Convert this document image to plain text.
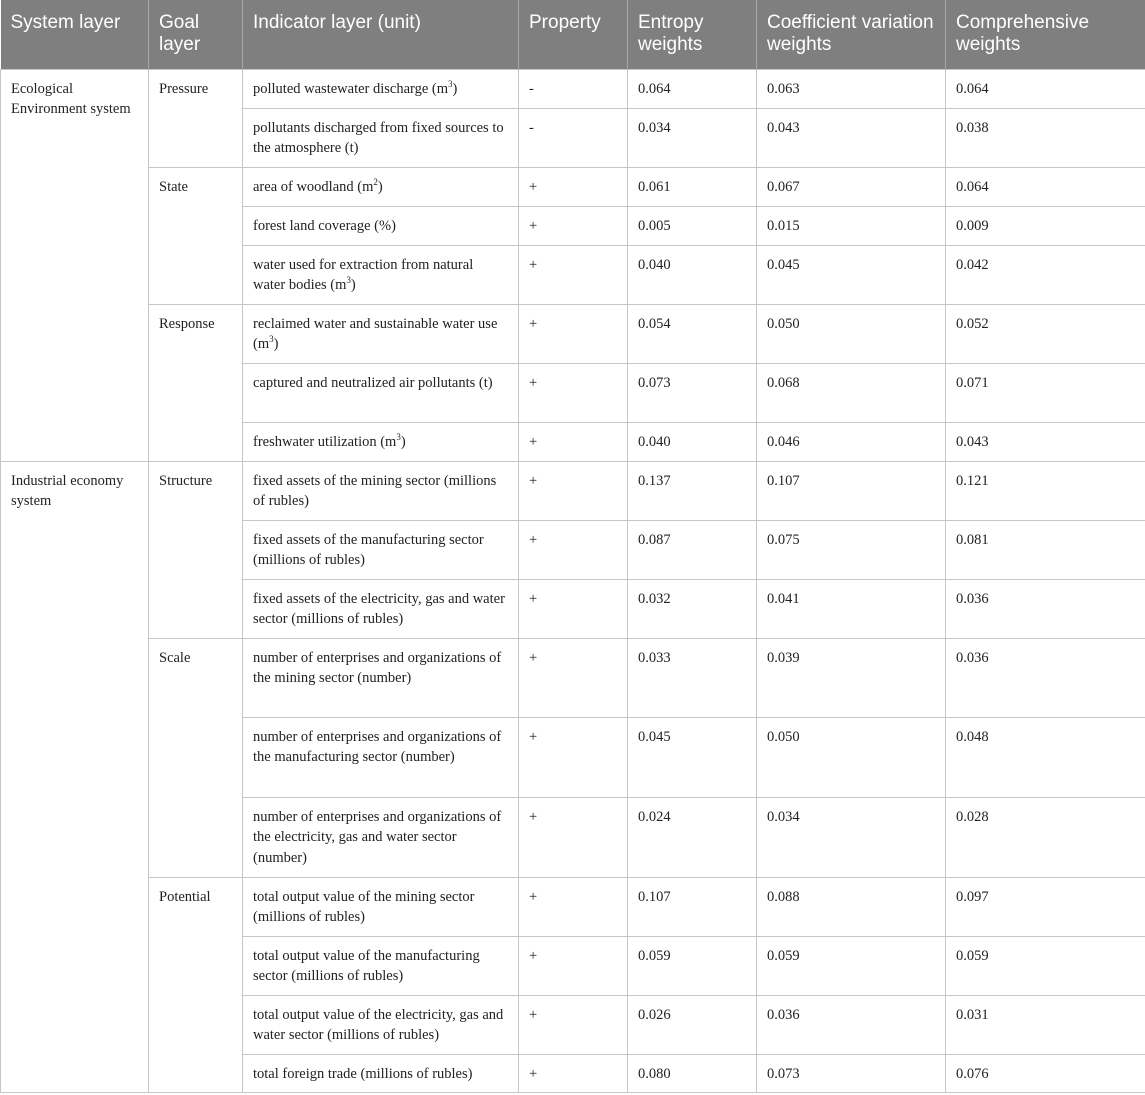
System layer	Goal layer	Indicator layer (unit)	Property	Entropy weights	Coefficient variation weights	Comprehensive weights
Ecological Environment system	Pressure	polluted wastewater discharge $(m^3)$	-	0.064	0.063	0.064
		pollutants discharged from fixed sources to the atmosphere (t)	-	0.034	0.043	0.038
	State	area of woodland $(m^2)$	+	0.061	0.067	0.064
		forest land coverage (%)	+	0.005	0.015	0.009
		water used for extraction from natural water bodies $(m^3)$	+	0.040	0.045	0.042
	Response	reclaimed water and sustainable water use $(m^3)$	+	0.054	0.050	0.052
		captured and neutralized air pollutants (t)	+	0.073	0.068	0.071
		freshwater utilization $(m^3)$	+	0.040	0.046	0.043
Industrial economy system	Structure	fixed assets of the mining sector (millions of rubles)	+	0.137	0.107	0.121
		fixed assets of the manufacturing sector (millions of rubles)	+	0.087	0.075	0.081
		fixed assets of the electricity, gas and water sector (millions of rubles)	+	0.032	0.041	0.036
	Scale	number of enterprises and organizations of the mining sector (number)	+	0.033	0.039	0.036
		number of enterprises and organizations of the manufacturing sector (number)	+	0.045	0.050	0.048
		number of enterprises and organizations of the electricity, gas and water sector (number)	+	0.024	0.034	0.028
	Potential	total output value of the mining sector (millions of rubles)	+	0.107	0.088	0.097
		total output value of the manufacturing sector (millions of rubles)	+	0.059	0.059	0.059
		total output value of the electricity, gas and water sector (millions of rubles)	+	0.026	0.036	0.031
		total foreign trade (millions of rubles)	+	0.080	0.073	0.076
